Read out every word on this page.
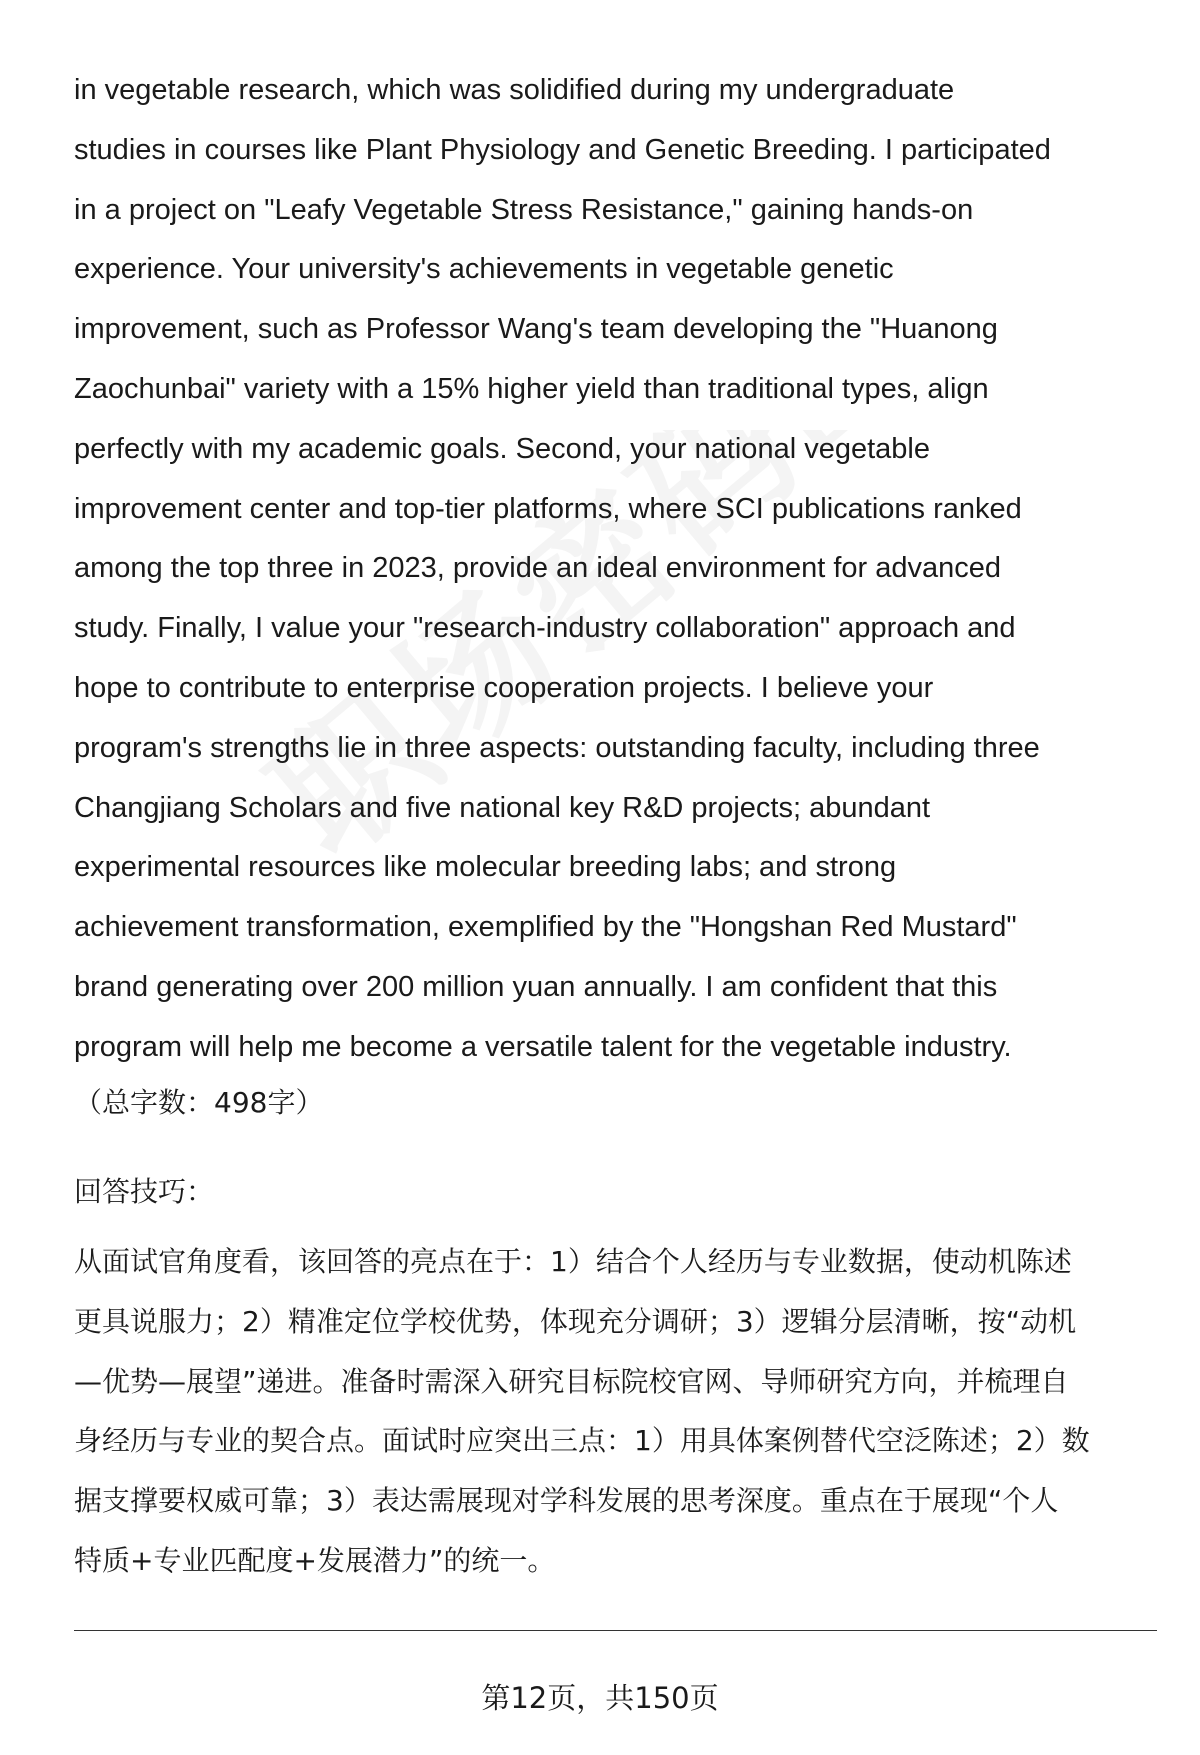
in vegetable research, which was solidified during my undergraduate
studies in courses like Plant Physiology and Genetic Breeding. I participated
in a project on "Leafy Vegetable Stress Resistance," gaining hands-on
experience. Your university's achievements in vegetable genetic
improvement, such as Professor Wang's team developing the "Huanong
Zaochunbai" variety with a 15% higher yield than traditional types, align
perfectly with my academic goals. Second, your national vegetable
improvement center and top-tier platforms, where SCI publications ranked
among the top three in 2023, provide an ideal environment for advanced
study. Finally, I value your "research-industry collaboration" approach and
hope to contribute to enterprise cooperation projects. I believe your
program's strengths lie in three aspects: outstanding faculty, including three
Changjiang Scholars and five national key R&D projects; abundant
experimental resources like molecular breeding labs; and strong
achievement transformation, exemplified by the "Hongshan Red Mustard"
brand generating over 200 million yuan annually. I am confident that this
program will help me become a versatile talent for the vegetable industry.
（总字数：498字）
回答技巧：
从面试官角度看，该回答的亮点在于：1）结合个人经历与专业数据，使动机陈述
更具说服力；2）精准定位学校优势，体现充分调研；3）逻辑分层清晰，按“动机
—优势—展望”递进。准备时需深入研究目标院校官网、导师研究方向，并梳理自
身经历与专业的契合点。面试时应突出三点：1）用具体案例替代空泛陈述；2）数
据支撑要权威可靠；3）表达需展现对学科发展的思考深度。重点在于展现“个人
特质+专业匹配度+发展潜力”的统一。
第12页，共150页
